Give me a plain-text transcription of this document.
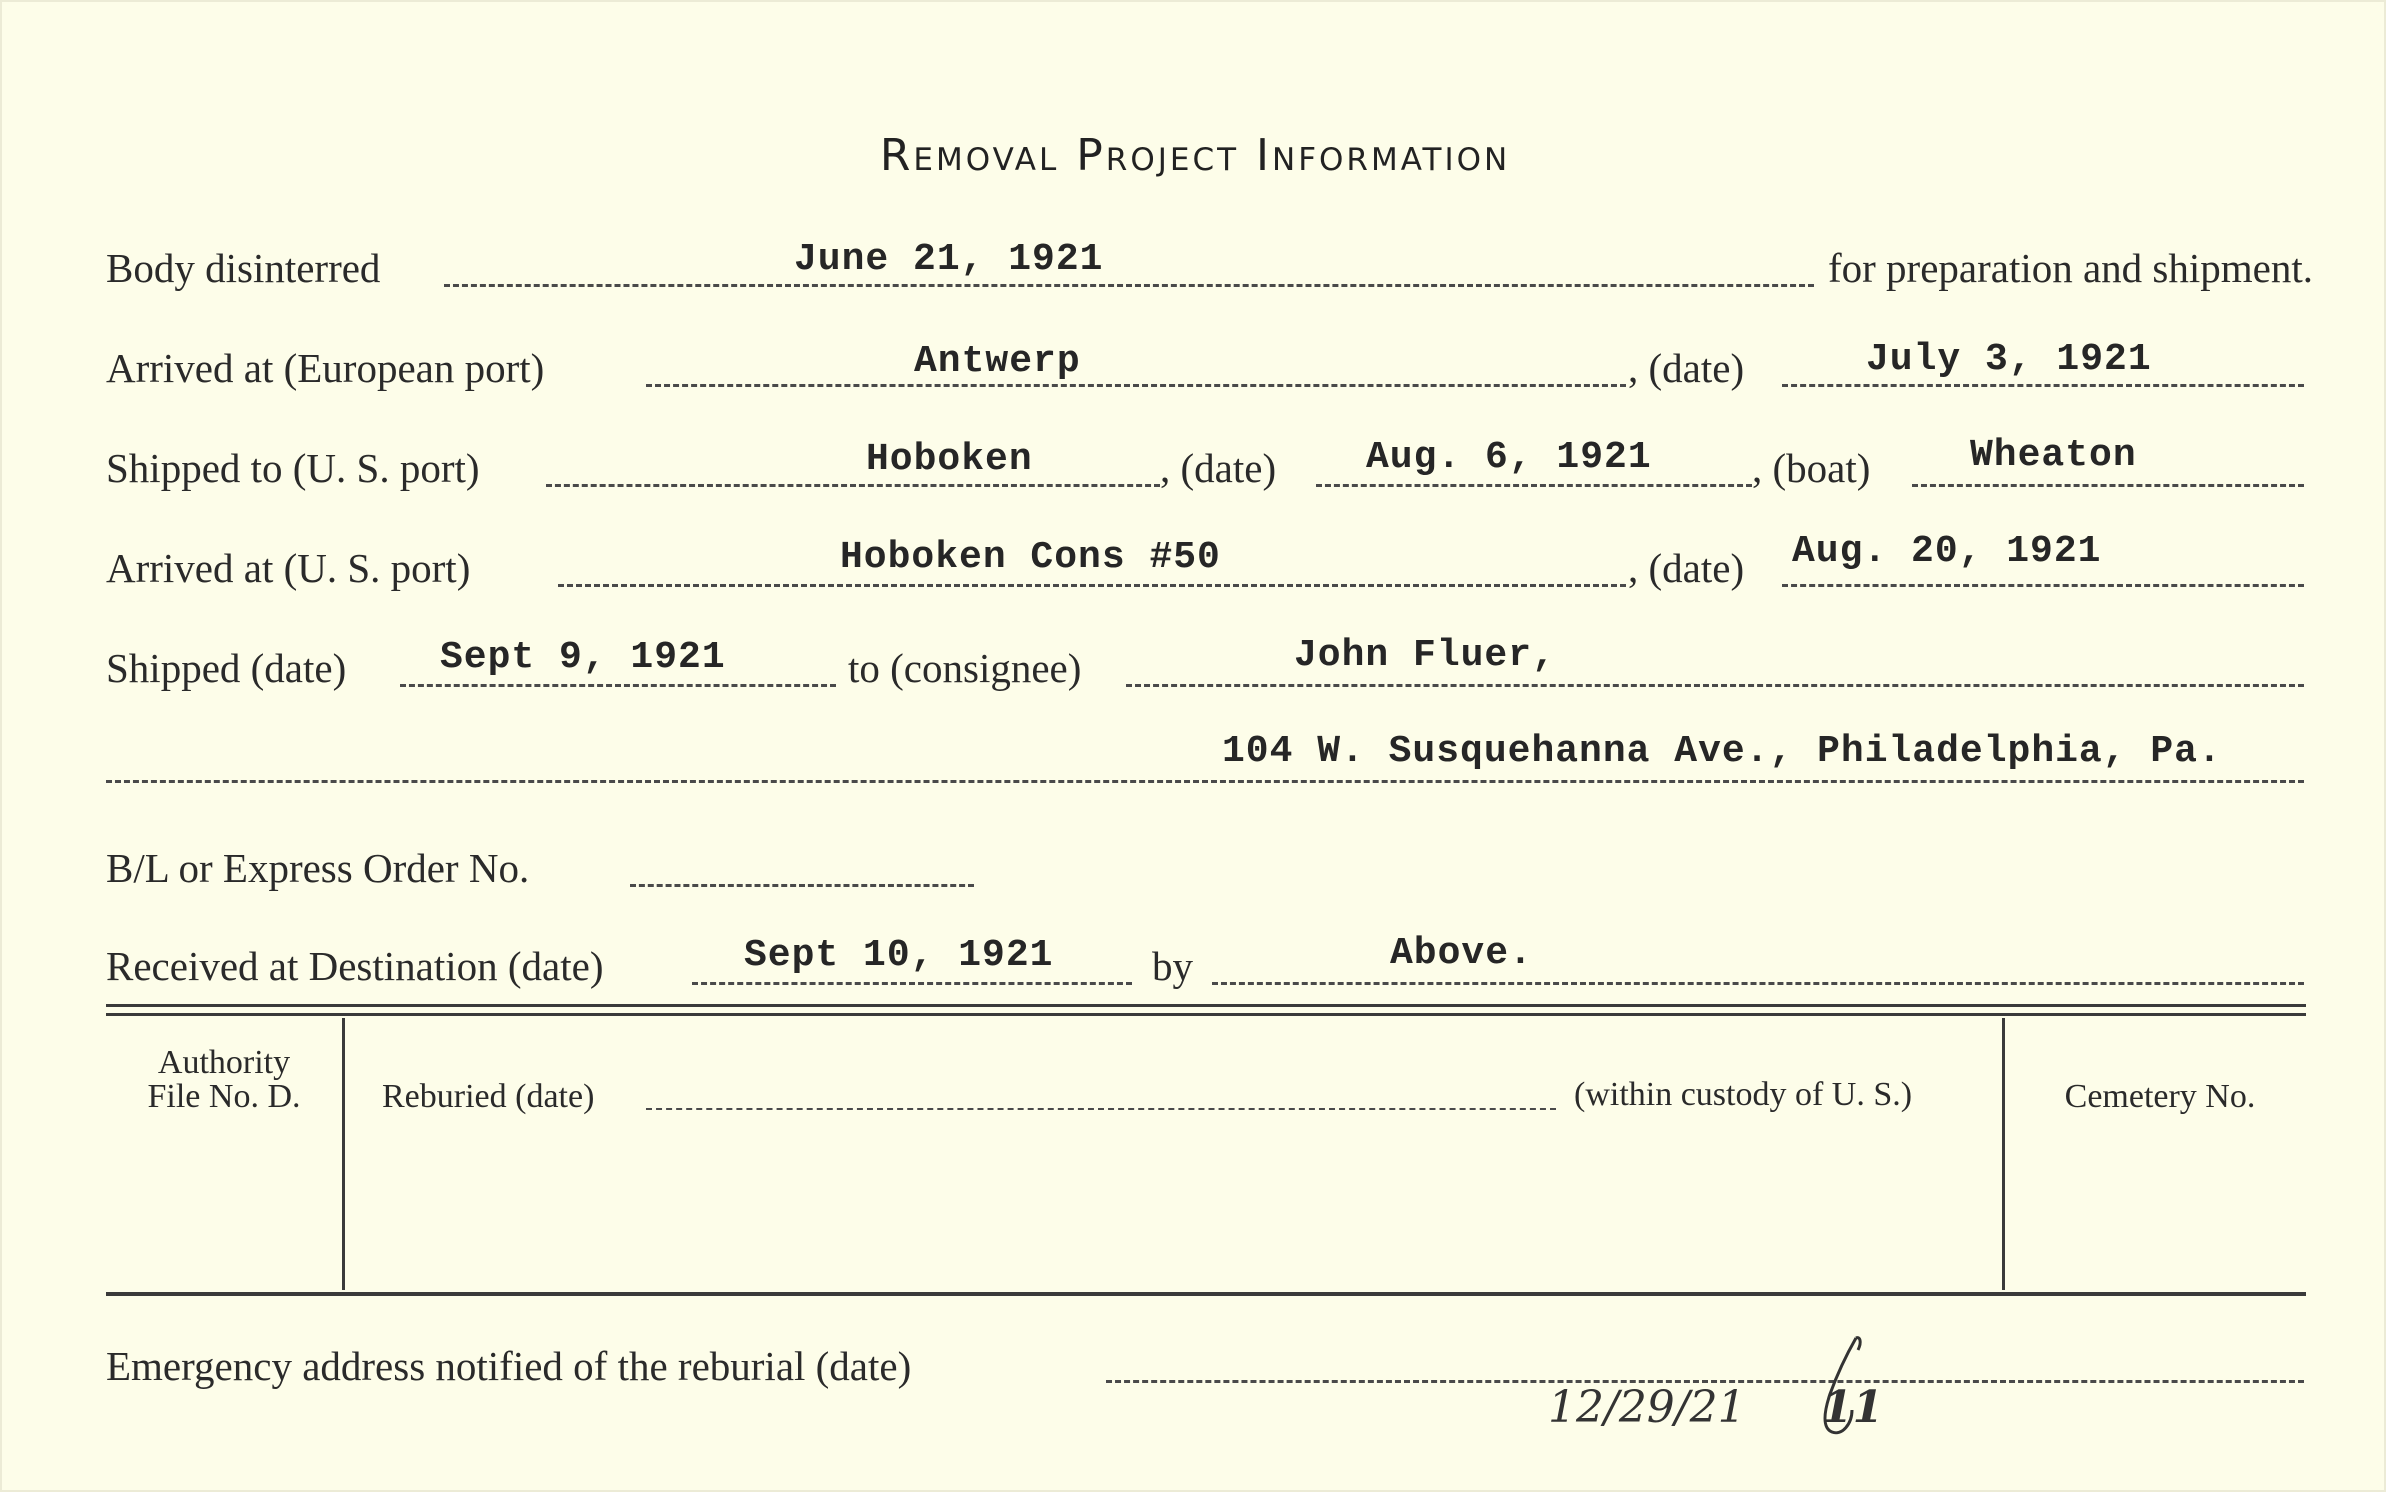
Removal Project Information
Body disinterred	June 21, 1921	for preparation and shipment.
Arrived at (European port)	Antwerp	, (date)	July 3, 1921
Shipped to (U. S. port)	Hoboken	, (date) Aug. 6, 1921 , (boat)	Wheaton
Arrived at (U. S. port)	Hoboken Cons #50	, (date) Aug. 20, 1921
Shipped (date) Sept 9, 1921	to (consignee)	John Fluer,
104 W. Susquehanna Ave., Philadelphia, Pa.
B/L or Express Order No.
Received at Destination (date)	Sept 10, 1921 by	Above.
Authority
File No. D.	Reburied (date)	(within custody of U. S.)	Cemetery No.
Emergency address notified of the reburial (date)
12/29/21 11
